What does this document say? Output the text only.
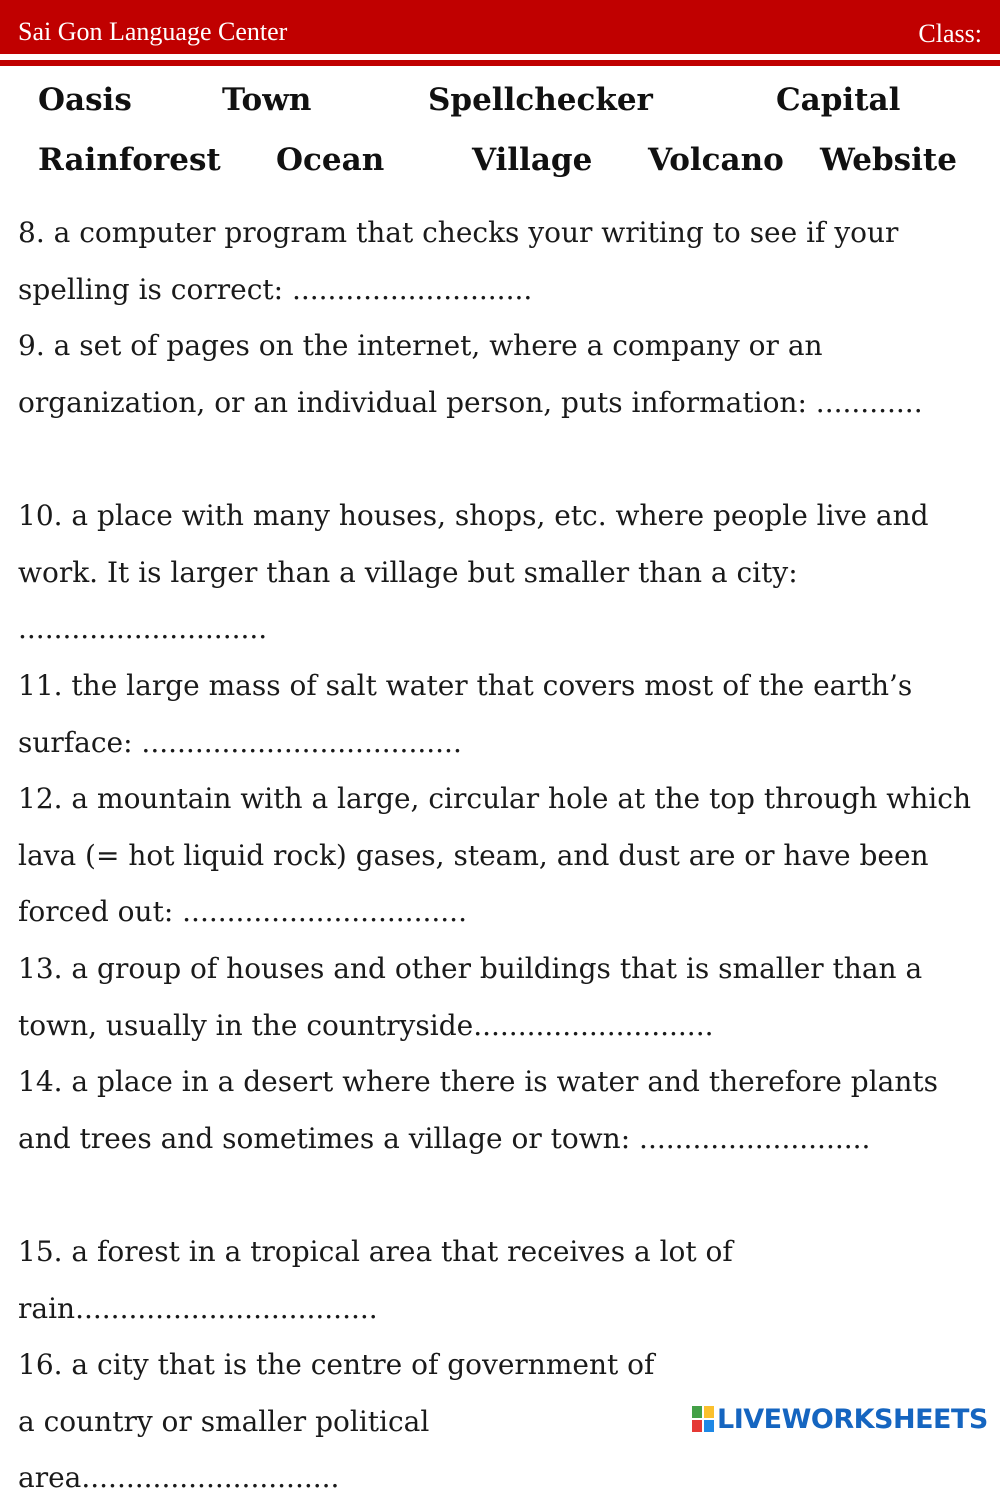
Sai Gon Language Center	Class:
Oasis	Town	Spellchecker	Capital
Rainforest Ocean	Village Volcano Website

8. a computer program that checks your writing to see if your spelling is correct: ...........................

9. a set of pages on the internet, where a company or an organization, or an individual person, puts information: ............

10. a place with many houses, shops, etc. where people live and work. It is larger than a village but smaller than a city: ............................

11. the large mass of salt water that covers most of the earth’s surface: ....................................

12. a mountain with a large, circular hole at the top through which lava (= hot liquid rock) gases, steam, and dust are or have been forced out: ................................

13. a group of houses and other buildings that is smaller than a town, usually in the countryside...........................

14. a place in a desert where there is water and therefore plants and trees and sometimes a village or town: ..........................

15. a forest in a tropical area that receives a lot of rain..................................

16. a city that is the centre of government of a country or smaller political area.............................

LIVEWORKSHEETS
